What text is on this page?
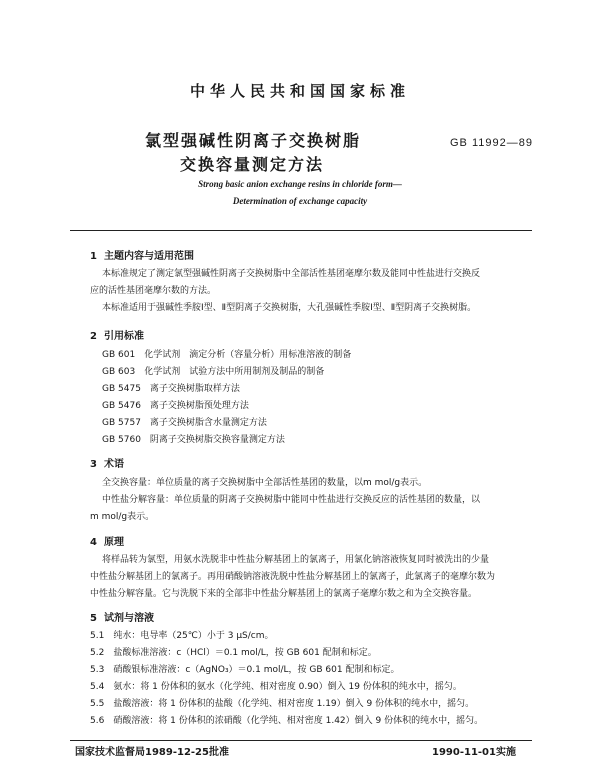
中华人民共和国国家标准
氯型强碱性阴离子交换树脂
交换容量测定方法
GB 11992—89
Strong basic anion exchange resins in chloride form—
Determination of exchange capacity
1 主题内容与适用范围
本标准规定了测定氯型强碱性阴离子交换树脂中全部活性基团毫摩尔数及能同中性盐进行交换反
应的活性基团毫摩尔数的方法。
本标准适用于强碱性季胺Ⅰ型、Ⅱ型阴离子交换树脂，大孔强碱性季胺Ⅰ型、Ⅱ型阴离子交换树脂。
2 引用标准
GB 601　化学试剂　滴定分析（容量分析）用标准溶液的制备
GB 603　化学试剂　试验方法中所用制剂及制品的制备
GB 5475　离子交换树脂取样方法
GB 5476　离子交换树脂预处理方法
GB 5757　离子交换树脂含水量测定方法
GB 5760　阴离子交换树脂交换容量测定方法
3 术语
全交换容量：单位质量的离子交换树脂中全部活性基团的数量，以m mol/g表示。
中性盐分解容量：单位质量的阴离子交换树脂中能同中性盐进行交换反应的活性基团的数量，以
m mol/g表示。
4 原理
将样品转为氯型，用氨水洗脱非中性盐分解基团上的氯离子，用氯化钠溶液恢复同时被洗出的少量
中性盐分解基团上的氯离子。再用硝酸钠溶液洗脱中性盐分解基团上的氯离子，此氯离子的毫摩尔数为
中性盐分解容量。它与洗脱下来的全部非中性盐分解基团上的氯离子毫摩尔数之和为全交换容量。
5 试剂与溶液
5.1　纯水：电导率（25℃）小于 3 μS/cm。
5.2　盐酸标准溶液：c（HCl）＝0.1 mol/L，按 GB 601 配制和标定。
5.3　硝酸银标准溶液：c（AgNO₃）＝0.1 mol/L，按 GB 601 配制和标定。
5.4　氨水：将 1 份体积的氨水（化学纯、相对密度 0.90）倒入 19 份体积的纯水中，摇匀。
5.5　盐酸溶液：将 1 份体积的盐酸（化学纯、相对密度 1.19）倒入 9 份体积的纯水中，摇匀。
5.6　硝酸溶液：将 1 份体积的浓硝酸（化学纯、相对密度 1.42）倒入 9 份体积的纯水中，摇匀。
国家技术监督局1989-12-25批准	1990-11-01实施
